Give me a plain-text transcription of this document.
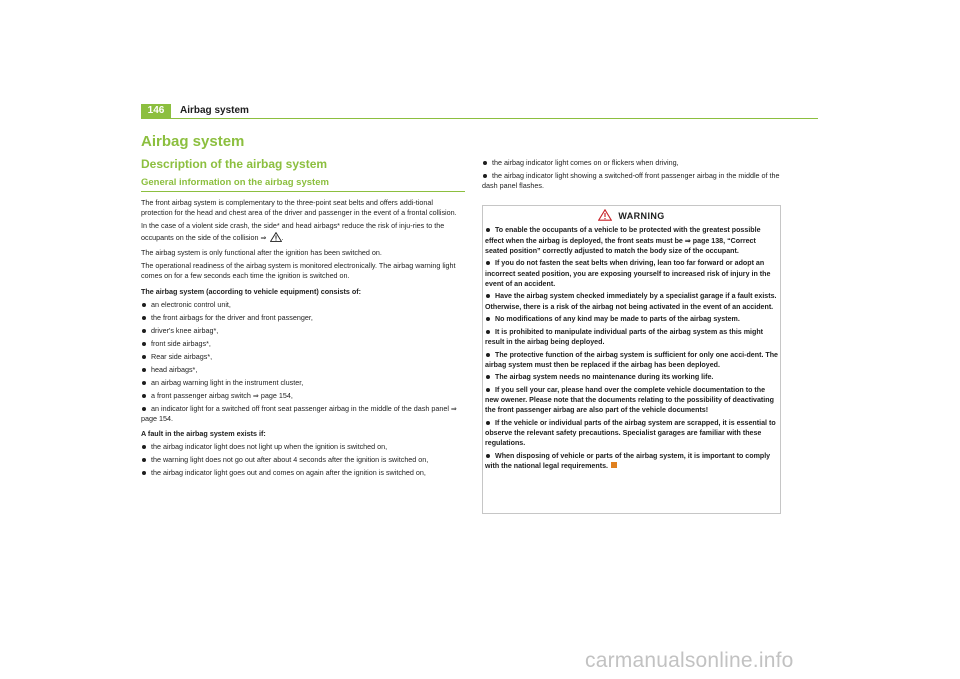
146	Airbag system
Airbag system
Description of the airbag system
General information on the airbag system

The front airbag system is complementary to the three-point seat belts and offers addi-tional protection for the head and chest area of the driver and passenger in the event of a frontal collision.

In the case of a violent side crash, the side* and head airbags* reduce the risk of inju-ries to the occupants on the side of the collision ⇒ .

The airbag system is only functional after the ignition has been switched on.

The operational readiness of the airbag system is monitored electronically. The airbag warning light comes on for a few seconds each time the ignition is switched on.

The airbag system (according to vehicle equipment) consists of:

an electronic control unit,
the front airbags for the driver and front passenger,
driver's knee airbag*,
front side airbags*,
Rear side airbags*,
head airbags*,
an airbag warning light in the instrument cluster,
a front passenger airbag switch ⇒ page 154,
an indicator light for a switched off front seat passenger airbag in the middle of the dash panel ⇒ page 154.

A fault in the airbag system exists if:

the airbag indicator light does not light up when the ignition is switched on,
the warning light does not go out after about 4 seconds after the ignition is switched on,
the airbag indicator light goes out and comes on again after the ignition is switched on,
the airbag indicator light comes on or flickers when driving,
the airbag indicator light showing a switched-off front passenger airbag in the middle of the dash panel flashes.
WARNING
To enable the occupants of a vehicle to be protected with the greatest possible effect when the airbag is deployed, the front seats must be ⇒ page 138, “Correct seated position” correctly adjusted to match the body size of the occupant.
If you do not fasten the seat belts when driving, lean too far forward or adopt an incorrect seated position, you are exposing yourself to increased risk of injury in the event of an accident.
Have the airbag system checked immediately by a specialist garage if a fault exists. Otherwise, there is a risk of the airbag not being activated in the event of an accident.
No modifications of any kind may be made to parts of the airbag system.
It is prohibited to manipulate individual parts of the airbag system as this might result in the airbag being deployed.
The protective function of the airbag system is sufficient for only one acci-dent. The airbag system must then be replaced if the airbag has been deployed.
The airbag system needs no maintenance during its working life.
If you sell your car, please hand over the complete vehicle documentation to the new owener. Please note that the documents relating to the possibility of deactivating the front passenger airbag are also part of the vehicle documents!
If the vehicle or individual parts of the airbag system are scrapped, it is essential to observe the relevant safety precautions. Specialist garages are familiar with these regulations.
When disposing of vehicle or parts of the airbag system, it is important to comply with the national legal requirements.
carmanualsonline.info
